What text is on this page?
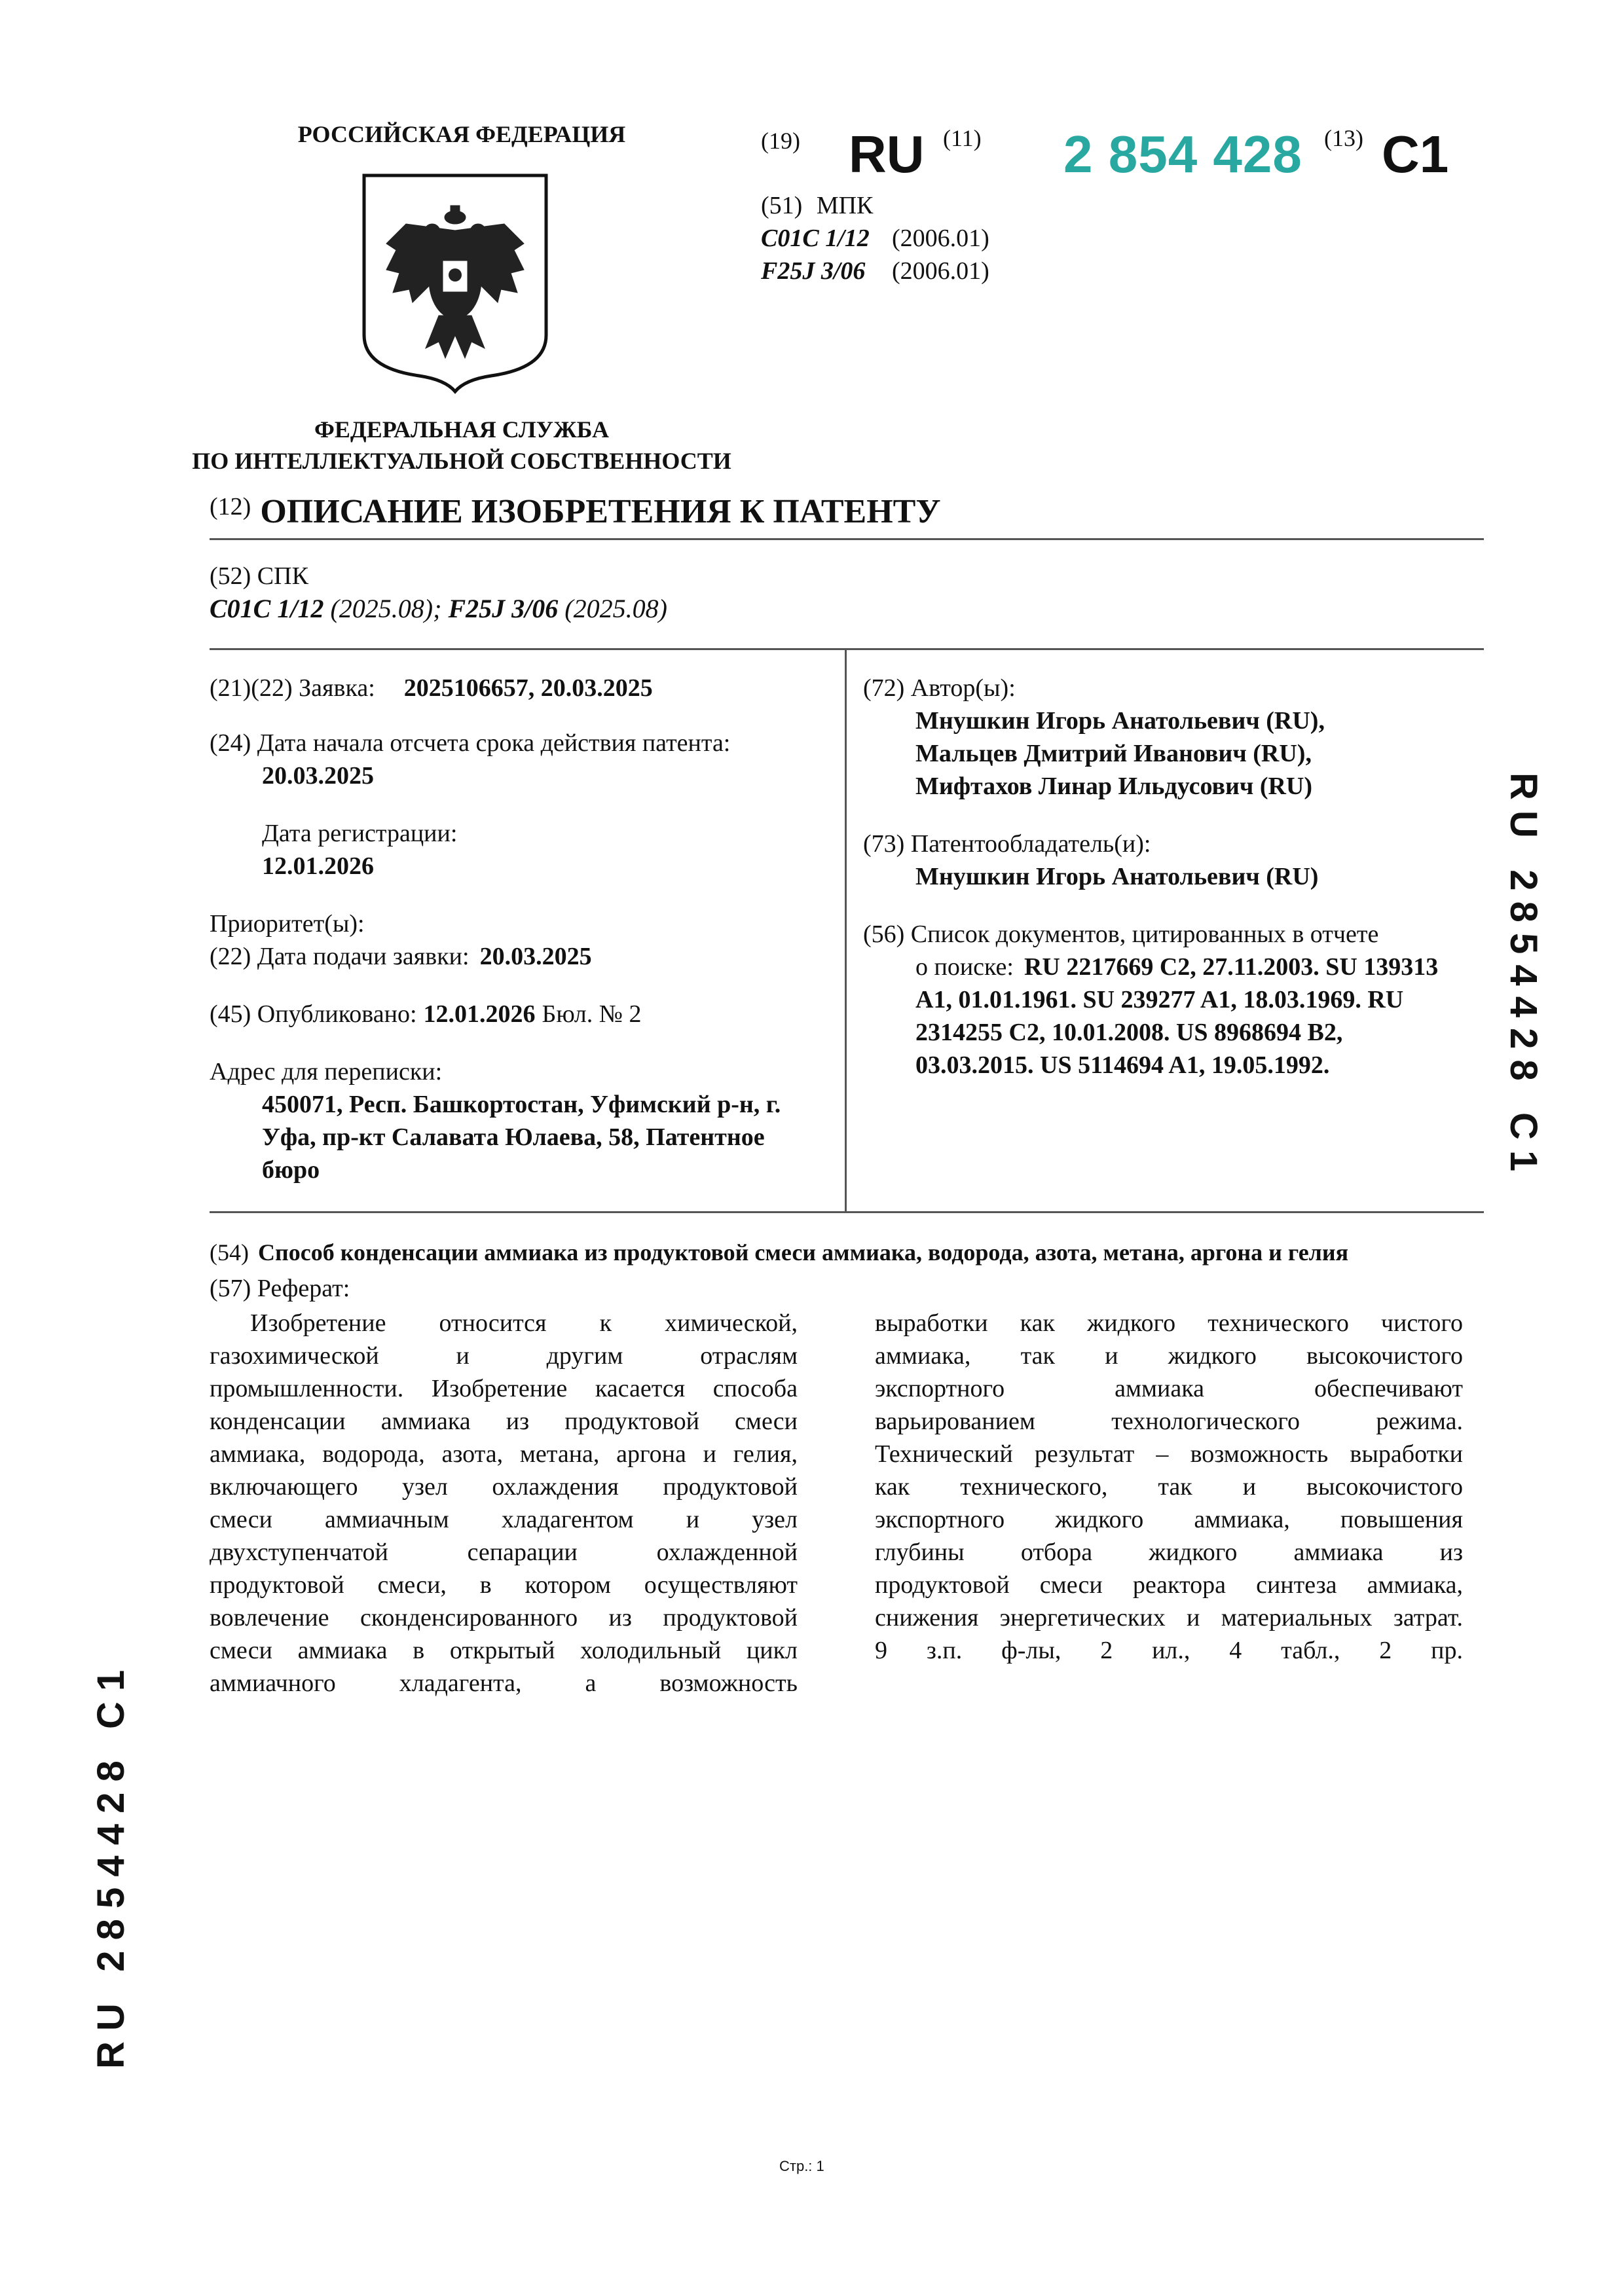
РОССИЙСКАЯ ФЕДЕРАЦИЯ
ФЕДЕРАЛЬНАЯ СЛУЖБА
ПО ИНТЕЛЛЕКТУАЛЬНОЙ СОБСТВЕННОСТИ
(19) RU (11) 2 854 428 (13) C1
(51) МПК
C01C 1/12 (2006.01)
F25J 3/06 (2006.01)
(12) ОПИСАНИЕ ИЗОБРЕТЕНИЯ К ПАТЕНТУ
(52) СПК
C01C 1/12 (2025.08); F25J 3/06 (2025.08)
(21)(22) Заявка: 2025106657, 20.03.2025
(24) Дата начала отсчета срока действия патента:
20.03.2025
Дата регистрации:
12.01.2026
Приоритет(ы):
(22) Дата подачи заявки: 20.03.2025
(45) Опубликовано: 12.01.2026 Бюл. № 2
Адрес для переписки:
450071, Респ. Башкортостан, Уфимский р-н, г.
Уфа, пр-кт Салавата Юлаева, 58, Патентное
бюро
(72) Автор(ы):
Мнушкин Игорь Анатольевич (RU),
Мальцев Дмитрий Иванович (RU),
Мифтахов Линар Ильдусович (RU)
(73) Патентообладатель(и):
Мнушкин Игорь Анатольевич (RU)
(56) Список документов, цитированных в отчете
о поиске: RU 2217669 C2, 27.11.2003. SU 139313
A1, 01.01.1961. SU 239277 A1, 18.03.1969. RU
2314255 C2, 10.01.2008. US 8968694 B2,
03.03.2015. US 5114694 A1, 19.05.1992.
(54) Способ конденсации аммиака из продуктовой смеси аммиака, водорода, азота, метана, аргона и гелия
(57) Реферат:
Изобретение относится к химической,
газохимической и другим отраслям
промышленности. Изобретение касается способа
конденсации аммиака из продуктовой смеси
аммиака, водорода, азота, метана, аргона и гелия,
включающего узел охлаждения продуктовой
смеси аммиачным хладагентом и узел
двухступенчатой сепарации охлажденной
продуктовой смеси, в котором осуществляют
вовлечение сконденсированного из продуктовой
смеси аммиака в открытый холодильный цикл
аммиачного хладагента, а возможность
выработки как жидкого технического чистого
аммиака, так и жидкого высокочистого
экспортного аммиака обеспечивают
варьированием технологического режима.
Технический результат – возможность выработки
как технического, так и высокочистого
экспортного жидкого аммиака, повышения
глубины отбора жидкого аммиака из
продуктовой смеси реактора синтеза аммиака,
снижения энергетических и материальных затрат.
9 з.п. ф-лы, 2 ил., 4 табл., 2 пр.
R U   2 8 5 4 4 2 8   C 1
R U   2 8 5 4 4 2 8   C 1
Стр.: 1
